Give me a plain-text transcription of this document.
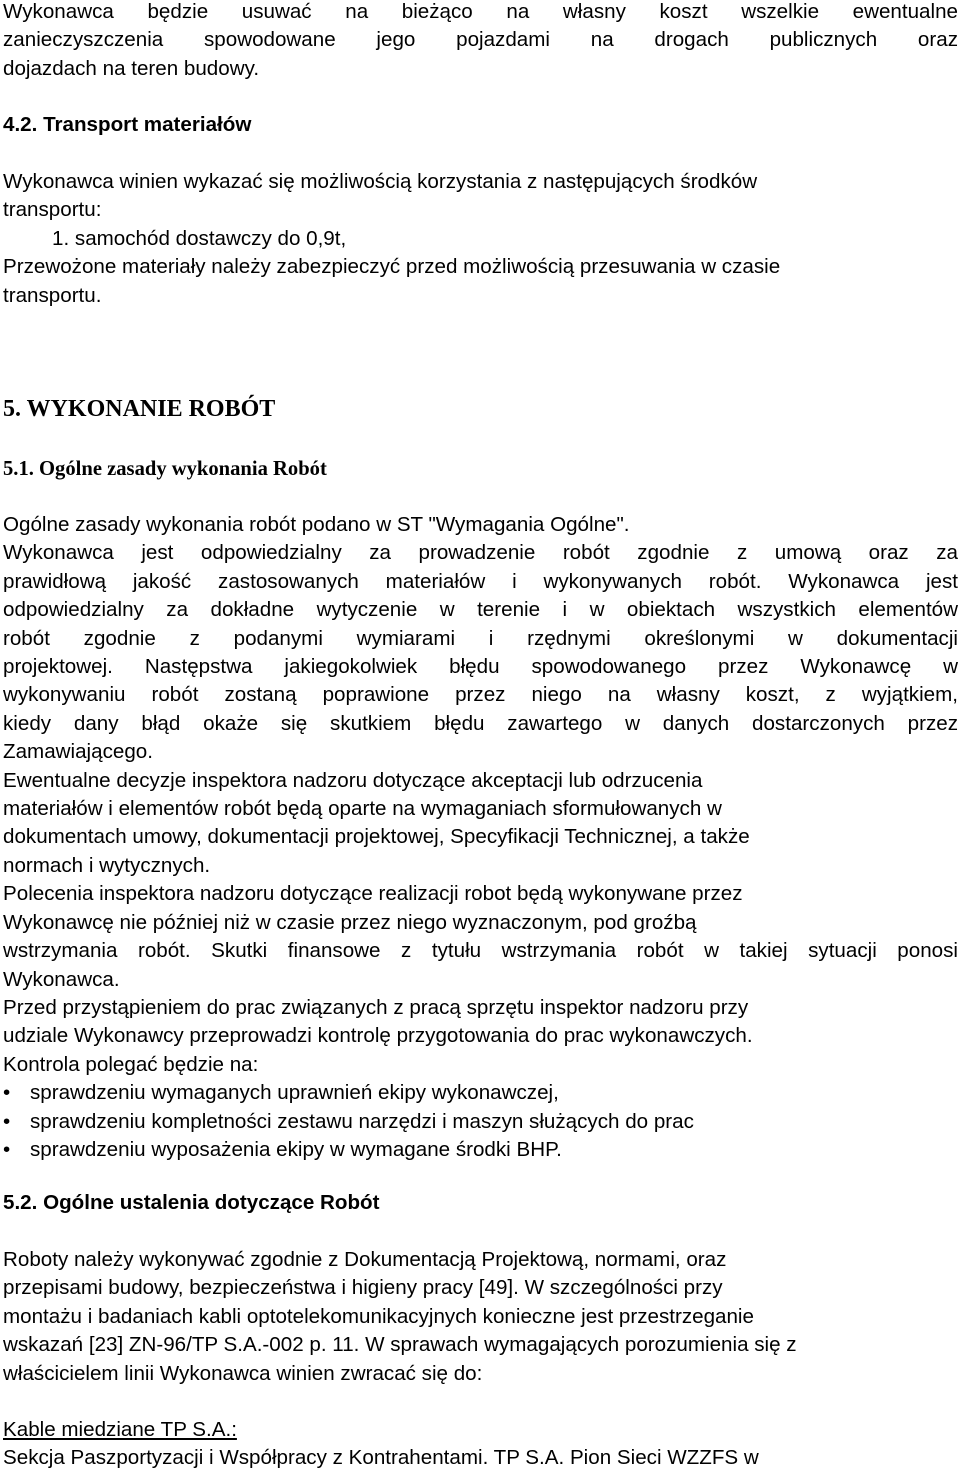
Wykonawca będzie usuwać na bieżąco na własny koszt wszelkie ewentualne
zanieczyszczenia spowodowane jego pojazdami na drogach publicznych oraz
dojazdach na teren budowy.
4.2. Transport materiałów
Wykonawca winien wykazać się możliwością korzystania z następujących środków
transportu:
1. samochód dostawczy do 0,9t,
Przewożone materiały należy zabezpieczyć przed możliwością przesuwania w czasie
transportu.
5. WYKONANIE ROBÓT
5.1. Ogólne zasady wykonania Robót
Ogólne zasady wykonania robót podano w ST "Wymagania Ogólne".
Wykonawca jest odpowiedzialny za prowadzenie robót zgodnie z umową oraz za
prawidłową jakość zastosowanych materiałów i wykonywanych robót. Wykonawca jest
odpowiedzialny za dokładne wytyczenie w terenie i w obiektach wszystkich elementów
robót zgodnie z podanymi wymiarami i rzędnymi określonymi w dokumentacji
projektowej. Następstwa jakiegokolwiek błędu spowodowanego przez Wykonawcę w
wykonywaniu robót zostaną poprawione przez niego na własny koszt, z wyjątkiem,
kiedy dany błąd okaże się skutkiem błędu zawartego w danych dostarczonych przez
Zamawiającego.
Ewentualne decyzje inspektora nadzoru dotyczące akceptacji lub odrzucenia
materiałów i elementów robót będą oparte na wymaganiach sformułowanych w
dokumentach umowy, dokumentacji projektowej, Specyfikacji Technicznej, a także
normach i wytycznych.
Polecenia inspektora nadzoru dotyczące realizacji robot będą wykonywane przez
Wykonawcę nie później niż w czasie przez niego wyznaczonym, pod groźbą
wstrzymania robót. Skutki finansowe z tytułu wstrzymania robót w takiej sytuacji ponosi
Wykonawca.
Przed przystąpieniem do prac związanych z pracą sprzętu inspektor nadzoru przy
udziale Wykonawcy przeprowadzi kontrolę przygotowania do prac wykonawczych.
Kontrola polegać będzie na:
• sprawdzeniu wymaganych uprawnień ekipy wykonawczej,
• sprawdzeniu kompletności zestawu narzędzi i maszyn służących do prac
• sprawdzeniu wyposażenia ekipy w wymagane środki BHP.
5.2. Ogólne ustalenia dotyczące Robót
Roboty należy wykonywać zgodnie z Dokumentacją Projektową, normami, oraz
przepisami budowy, bezpieczeństwa i higieny pracy [49]. W szczególności przy
montażu i badaniach kabli optotelekomunikacyjnych konieczne jest przestrzeganie
wskazań [23] ZN-96/TP S.A.-002 p. 11. W sprawach wymagających porozumienia się z
właścicielem linii Wykonawca winien zwracać się do:
Kable miedziane TP S.A.:
Sekcja Paszportyzacji i Współpracy z Kontrahentami. TP S.A. Pion Sieci WZZFS w
